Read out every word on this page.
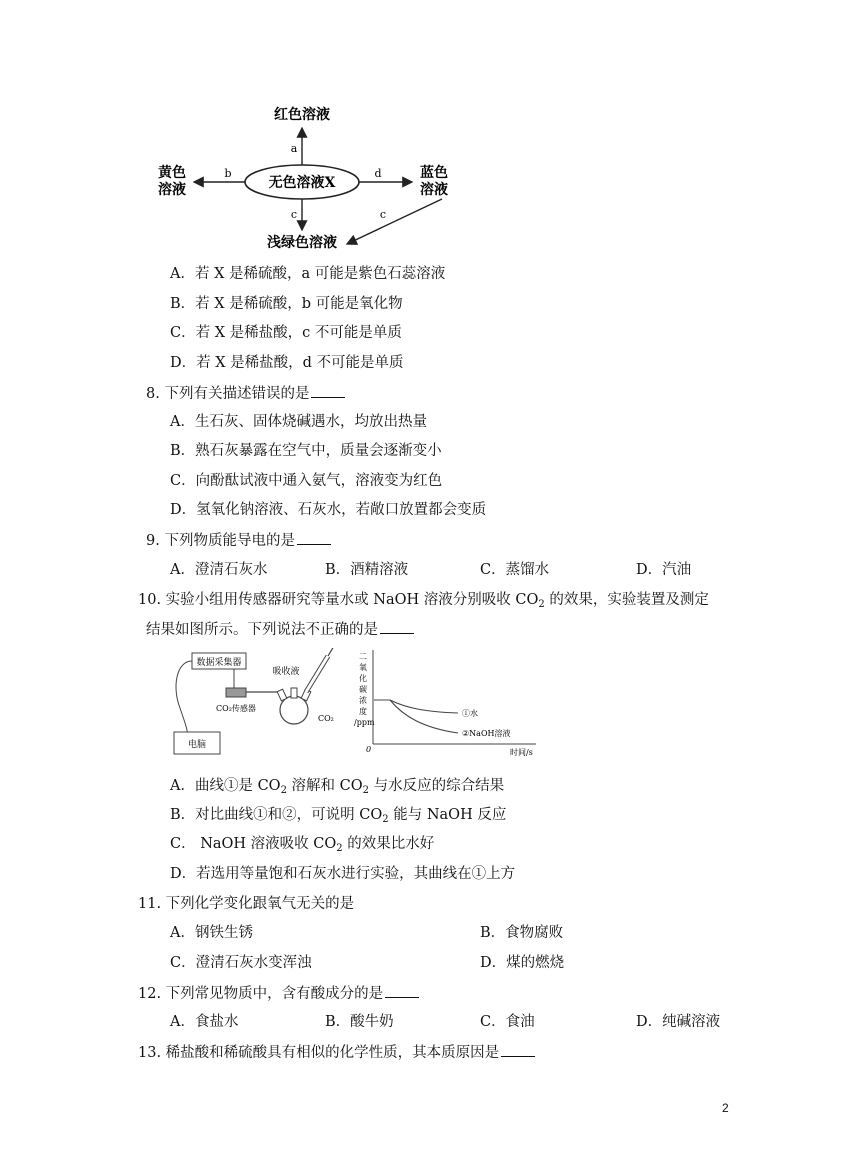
无色溶液X
红色溶液
a
黄色
溶液
b	蓝色
溶液
d
浅绿色溶液
c	c
A．若 X 是稀硫酸，a 可能是紫色石蕊溶液
B．若 X 是稀硫酸，b 可能是氧化物
C．若 X 是稀盐酸，c 不可能是单质
D．若 X 是稀盐酸，d 不可能是单质
8. 下列有关描述错误的是
A．生石灰、固体烧碱遇水，均放出热量
B．熟石灰暴露在空气中，质量会逐渐变小
C．向酚酞试液中通入氨气，溶液变为红色
D．氢氧化钠溶液、石灰水，若敞口放置都会变质
9. 下列物质能导电的是
A．澄清石灰水	B．酒精溶液	C．蒸馏水	D．汽油
10. 实验小组用传感器研究等量水或 NaOH 溶液分别吸收 $CO_2$ 的效果，实验装置及测定
结果如图所示。下列说法不正确的是
数据采集器
CO₂传感器
CO₂
吸收液
电脑
二
氧
化
碳
浓
度
/ppm
0	时间/s
①水
②NaOH溶液
A．曲线①是 $CO_2$ 溶解和 $CO_2$ 与水反应的综合结果
B．对比曲线①和②，可说明 $CO_2$ 能与 NaOH 反应
C． NaOH 溶液吸收 $CO_2$ 的效果比水好
D．若选用等量饱和石灰水进行实验，其曲线在①上方
11. 下列化学变化跟氧气无关的是
A．钢铁生锈	B．食物腐败
C．澄清石灰水变浑浊	D．煤的燃烧
12. 下列常见物质中，含有酸成分的是
A．食盐水	B．酸牛奶	C．食油	D．纯碱溶液
13. 稀盐酸和稀硫酸具有相似的化学性质，其本质原因是
2
